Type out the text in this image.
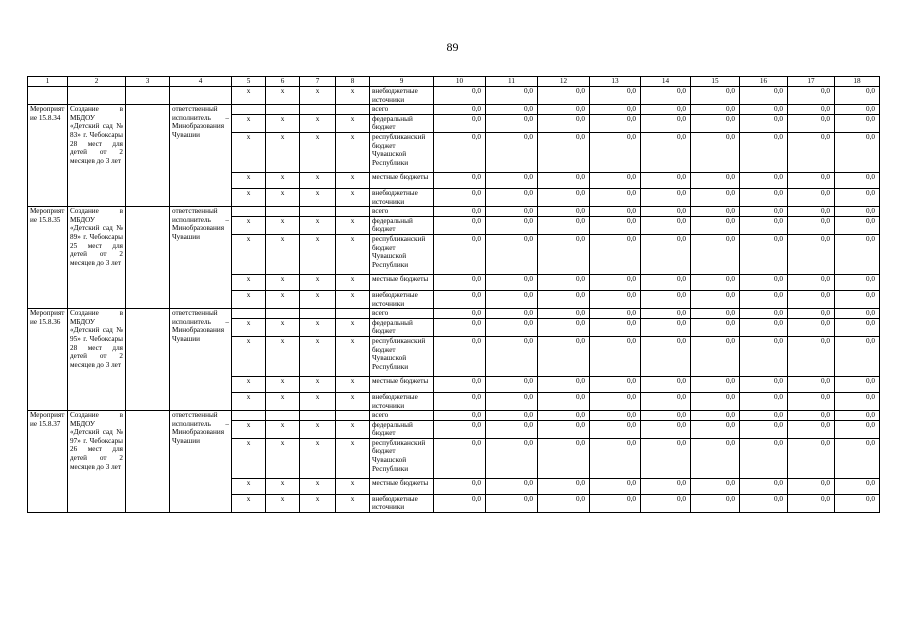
89
1	2	3	4	5	6	7	8	9	10	11	12	13	14	15	16	17	18
				x	x	x	x	внебюджетные источники	0,0	0,0	0,0	0,0	0,0	0,0	0,0	0,0	0,0
Мероприятие 15.8.34	Создание в МБДОУ «Детский сад № 83» г. Чебоксары 28 мест для детей от 2 месяцев до 3 лет		ответственный исполнитель – Минобразования Чувашии					всего	0,0	0,0	0,0	0,0	0,0	0,0	0,0	0,0	0,0
				x	x	x	x	федеральный бюджет	0,0	0,0	0,0	0,0	0,0	0,0	0,0	0,0	0,0
				x	x	x	x	республиканский бюджет Чувашской Республики	0,0	0,0	0,0	0,0	0,0	0,0	0,0	0,0	0,0
				x	x	x	x	местные бюджеты	0,0	0,0	0,0	0,0	0,0	0,0	0,0	0,0	0,0
				x	x	x	x	внебюджетные источники	0,0	0,0	0,0	0,0	0,0	0,0	0,0	0,0	0,0
Мероприятие 15.8.35	Создание в МБДОУ «Детский сад № 89» г. Чебоксары 25 мест для детей от 2 месяцев до 3 лет		ответственный исполнитель – Минобразования Чувашии					всего	0,0	0,0	0,0	0,0	0,0	0,0	0,0	0,0	0,0
				x	x	x	x	федеральный бюджет	0,0	0,0	0,0	0,0	0,0	0,0	0,0	0,0	0,0
				x	x	x	x	республиканский бюджет Чувашской Республики	0,0	0,0	0,0	0,0	0,0	0,0	0,0	0,0	0,0
				x	x	x	x	местные бюджеты	0,0	0,0	0,0	0,0	0,0	0,0	0,0	0,0	0,0
				x	x	x	x	внебюджетные источники	0,0	0,0	0,0	0,0	0,0	0,0	0,0	0,0	0,0
Мероприятие 15.8.36	Создание в МБДОУ «Детский сад № 95» г. Чебоксары 28 мест для детей от 2 месяцев до 3 лет		ответственный исполнитель – Минобразования Чувашии					всего	0,0	0,0	0,0	0,0	0,0	0,0	0,0	0,0	0,0
				x	x	x	x	федеральный бюджет	0,0	0,0	0,0	0,0	0,0	0,0	0,0	0,0	0,0
				x	x	x	x	республиканский бюджет Чувашской Республики	0,0	0,0	0,0	0,0	0,0	0,0	0,0	0,0	0,0
				x	x	x	x	местные бюджеты	0,0	0,0	0,0	0,0	0,0	0,0	0,0	0,0	0,0
				x	x	x	x	внебюджетные источники	0,0	0,0	0,0	0,0	0,0	0,0	0,0	0,0	0,0
Мероприятие 15.8.37	Создание в МБДОУ «Детский сад № 97» г. Чебоксары 26 мест для детей от 2 месяцев до 3 лет		ответственный исполнитель – Минобразования Чувашии					всего	0,0	0,0	0,0	0,0	0,0	0,0	0,0	0,0	0,0
				x	x	x	x	федеральный бюджет	0,0	0,0	0,0	0,0	0,0	0,0	0,0	0,0	0,0
				x	x	x	x	республиканский бюджет Чувашской Республики	0,0	0,0	0,0	0,0	0,0	0,0	0,0	0,0	0,0
				x	x	x	x	местные бюджеты	0,0	0,0	0,0	0,0	0,0	0,0	0,0	0,0	0,0
				x	x	x	x	внебюджетные источники	0,0	0,0	0,0	0,0	0,0	0,0	0,0	0,0	0,0
